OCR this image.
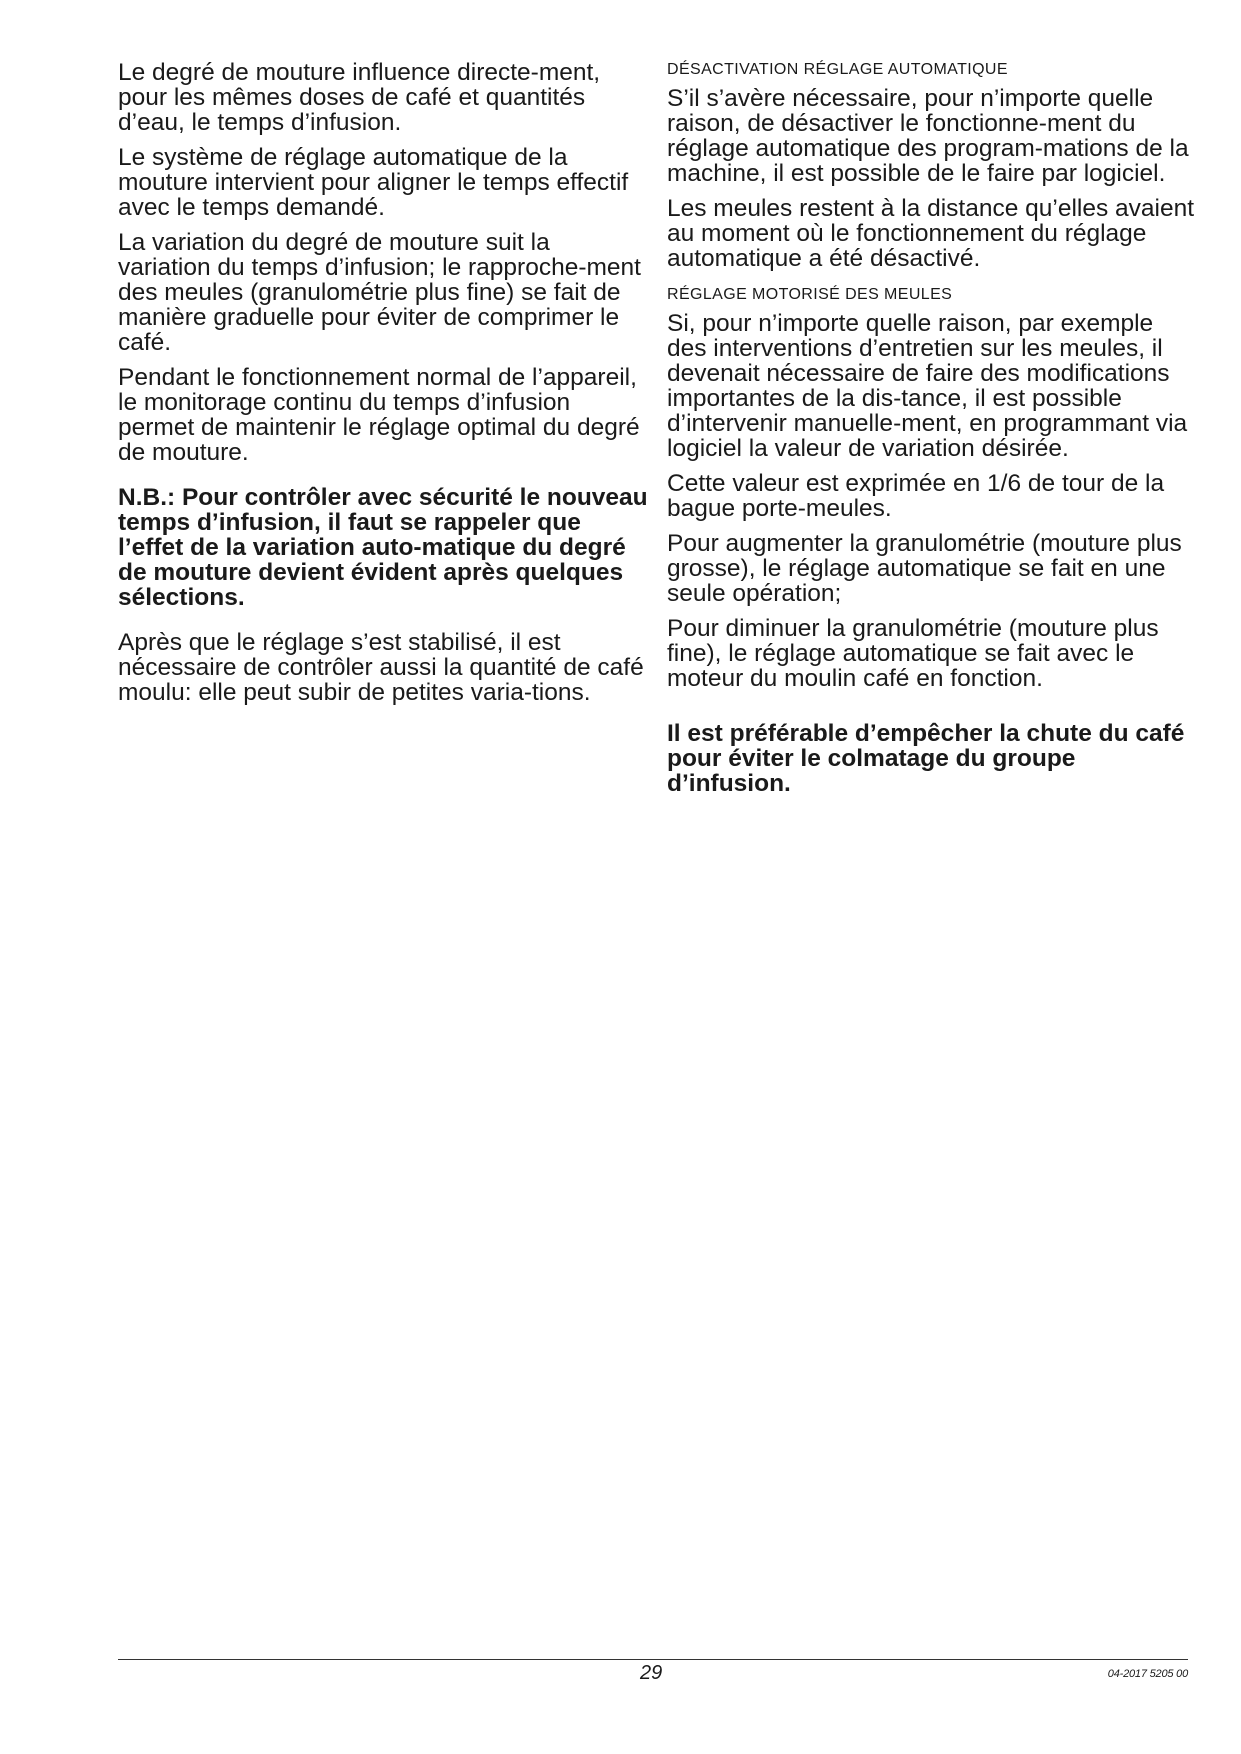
Le degré de mouture influence directe-ment, pour les mêmes doses de café et quantités d’eau, le temps d’infusion.

Le système de réglage automatique de la mouture intervient pour aligner le temps effectif avec le temps demandé.

La variation du degré de mouture suit la variation du temps d’infusion; le rapproche-ment des meules (granulométrie plus fine) se fait de manière graduelle pour éviter de comprimer le café.

Pendant le fonctionnement normal de l’appareil, le monitorage continu du temps d’infusion permet de maintenir le réglage optimal du degré de mouture.

N.B.: Pour contrôler avec sécurité le nouveau temps d’infusion, il faut se rappeler que l’effet de la variation auto-matique du degré de mouture devient évident après quelques sélections.

Après que le réglage s’est stabilisé, il est nécessaire de contrôler aussi la quantité de café moulu: elle peut subir de petites varia-tions.

DÉSACTIVATION RÉGLAGE AUTOMATIQUE

S’il s’avère nécessaire, pour n’importe quelle raison, de désactiver le fonctionne-ment du réglage automatique des program-mations de la machine, il est possible de le faire par logiciel.

Les meules restent à la distance qu’elles avaient au moment où le fonctionnement du réglage automatique a été désactivé.

RÉGLAGE MOTORISÉ DES MEULES

Si, pour n’importe quelle raison, par exemple des interventions d’entretien sur les meules, il devenait nécessaire de faire des modifications importantes de la dis-tance, il est possible d’intervenir manuelle-ment, en programmant via logiciel la valeur de variation désirée.

Cette valeur est exprimée en 1/6 de tour de la bague porte-meules.

Pour augmenter la granulométrie (mouture plus grosse), le réglage automatique se fait en une seule opération;

Pour diminuer la granulométrie (mouture plus fine), le réglage automatique se fait avec le moteur du moulin café en fonction.

Il est préférable d’empêcher la chute du café pour éviter le colmatage du groupe d’infusion.

29	04-2017 5205 00
